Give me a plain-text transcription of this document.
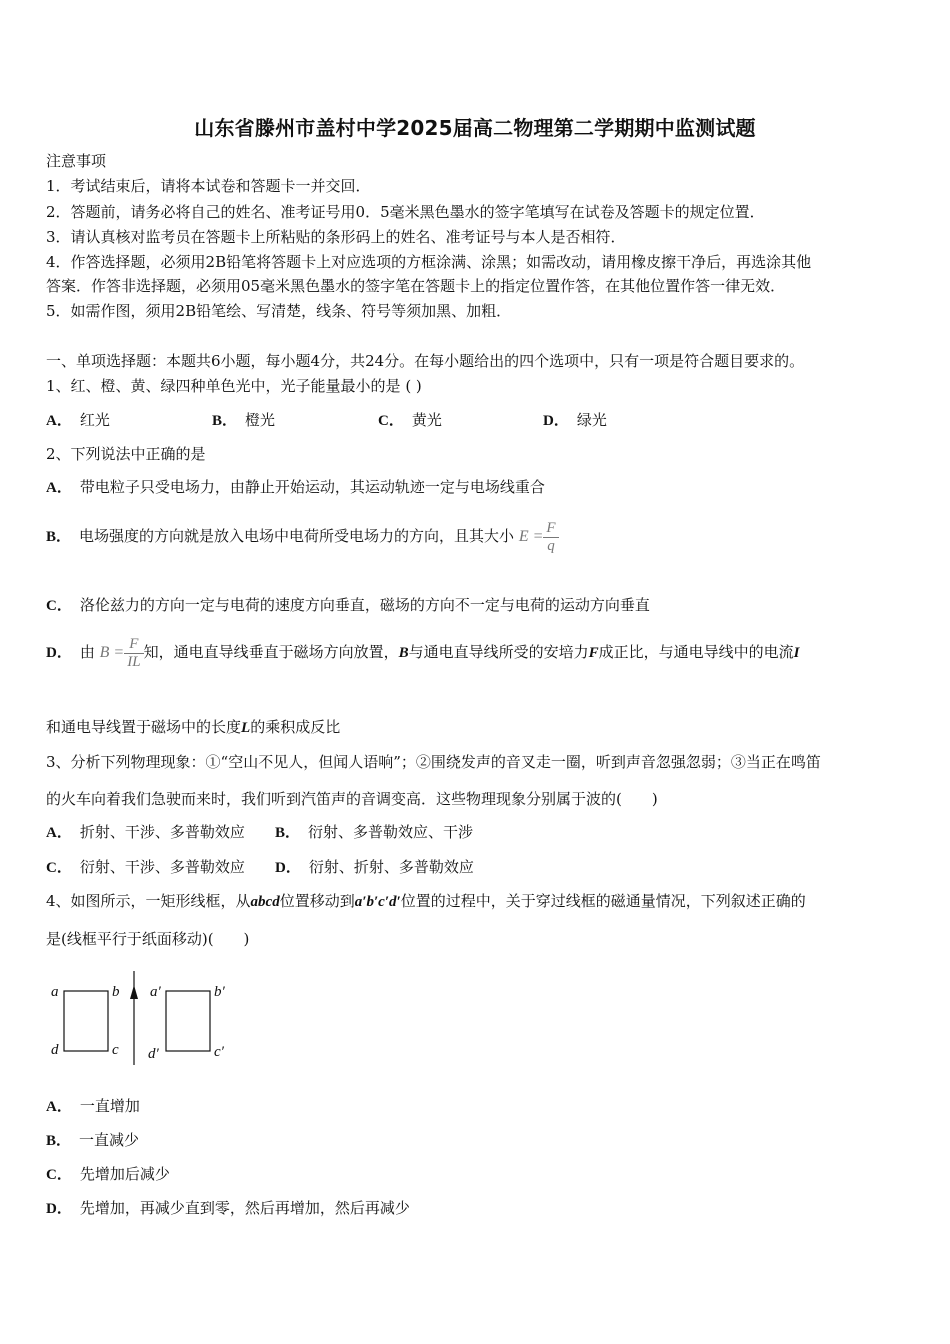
山东省滕州市盖村中学2025届高二物理第二学期期中监测试题
注意事项
1．考试结束后，请将本试卷和答题卡一并交回．
2．答题前，请务必将自己的姓名、准考证号用0．5毫米黑色墨水的签字笔填写在试卷及答题卡的规定位置．
3．请认真核对监考员在答题卡上所粘贴的条形码上的姓名、准考证号与本人是否相符．
4．作答选择题，必须用2B铅笔将答题卡上对应选项的方框涂满、涂黑；如需改动，请用橡皮擦干净后，再选涂其他
答案．作答非选择题，必须用05毫米黑色墨水的签字笔在答题卡上的指定位置作答，在其他位置作答一律无效．
5．如需作图，须用2B铅笔绘、写清楚，线条、符号等须加黑、加粗．
一、单项选择题：本题共6小题，每小题4分，共24分。在每小题给出的四个选项中，只有一项是符合题目要求的。
1、红、橙、黄、绿四种单色光中，光子能量最小的是 ( )
A． 红光	B． 橙光	C． 黄光	D． 绿光
2、下列说法中正确的是
A． 带电粒子只受电场力，由静止开始运动，其运动轨迹一定与电场线重合
B． 电场强度的方向就是放入电场中电荷所受电场力的方向，且其大小 $E = \frac{F}{q}$
C． 洛伦兹力的方向一定与电荷的速度方向垂直，磁场的方向不一定与电荷的运动方向垂直
D． 由 $B = \frac{F}{IL}$ 知，通电直导线垂直于磁场方向放置，B与通电直导线所受的安培力F成正比，与通电导线中的电流I
和通电导线置于磁场中的长度L的乘积成反比
3、分析下列物理现象：①“空山不见人，但闻人语响”；②围绕发声的音叉走一圈，听到声音忽强忽弱；③当正在鸣笛
的火车向着我们急驶而来时，我们听到汽笛声的音调变高．这些物理现象分别属于波的(　　)
A． 折射、干涉、多普勒效应 B． 衍射、多普勒效应、干涉
C． 衍射、干涉、多普勒效应 D． 衍射、折射、多普勒效应
4、如图所示，一矩形线框，从abcd位置移动到a′b′c′d′位置的过程中，关于穿过线框的磁通量情况，下列叙述正确的
是(线框平行于纸面移动)(　　)
a	b
d	c
a′	b′
d′	c′
A． 一直增加
B． 一直减少
C． 先增加后减少
D． 先增加，再减少直到零，然后再增加，然后再减少
